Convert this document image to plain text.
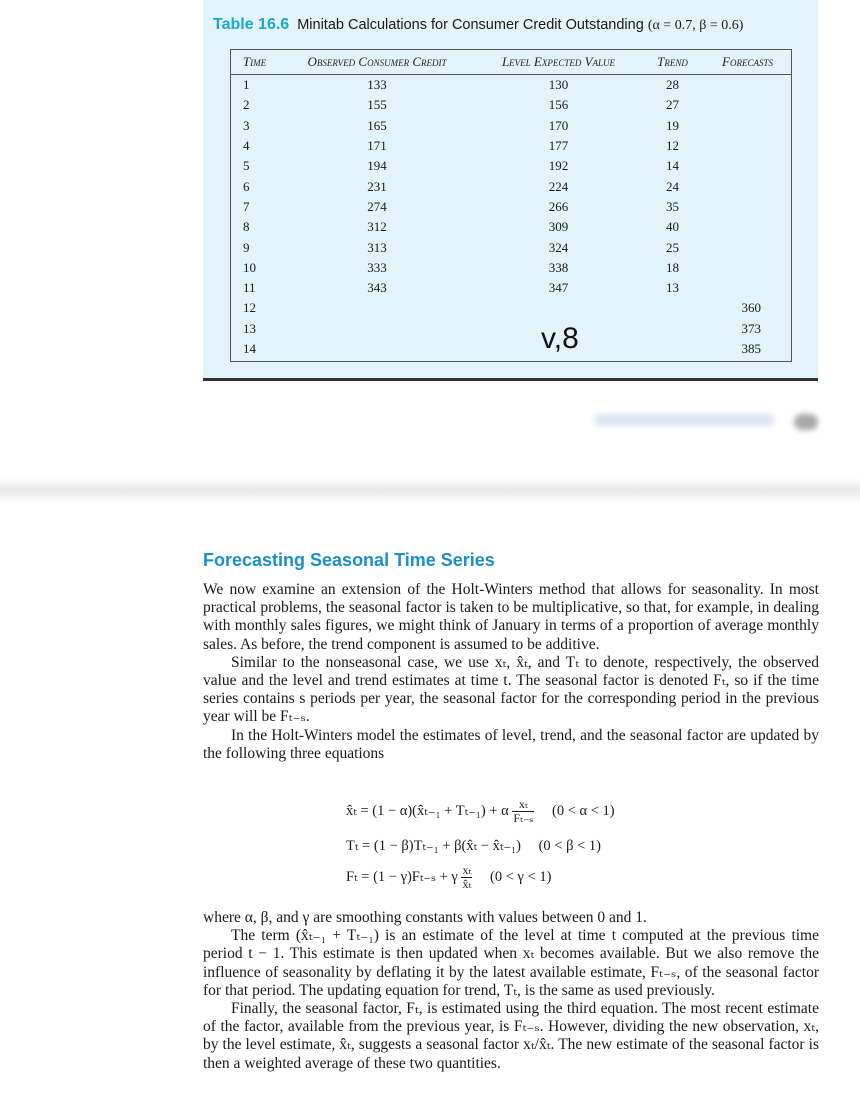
Table 16.6 Minitab Calculations for Consumer Credit Outstanding (α = 0.7, β = 0.6)
Time	Observed Consumer Credit	Level Expected Value	Trend	Forecasts
1	133	130	28	
2	155	156	27	
3	165	170	19	
4	171	177	12	
5	194	192	14	
6	231	224	24	
7	274	266	35	
8	312	309	40	
9	313	324	25	
10	333	338	18	
11	343	347	13	
12				360
13				373
14				385
v,8
Forecasting Seasonal Time Series

We now examine an extension of the Holt-Winters method that allows for seasonality. In most practical problems, the seasonal factor is taken to be multiplicative, so that, for example, in dealing with monthly sales figures, we might think of January in terms of a proportion of average monthly sales. As before, the trend component is assumed to be additive.

Similar to the nonseasonal case, we use xₜ, x̂ₜ, and Tₜ to denote, respectively, the observed value and the level and trend estimates at time t. The seasonal factor is denoted Fₜ, so if the time series contains s periods per year, the seasonal factor for the corresponding period in the previous year will be Fₜ₋ₛ.

In the Holt-Winters model the estimates of level, trend, and the seasonal factor are updated by the following three equations

x̂ₜ = (1 − α)(x̂ₜ₋₁ + Tₜ₋₁) + α $\frac{\text{xₜ}}{\text{Fₜ₋ₛ}} (0 < \alpha < 1)$
Tₜ = (1 − β)Tₜ₋₁ + β(x̂ₜ − x̂ₜ₋₁) (0 < β < 1)
Fₜ = (1 − γ)Fₜ₋ₛ + γ $\frac{\text{xₜ}}{\text{x̂ₜ}} (0 < \gamma < 1)$

where α, β, and γ are smoothing constants with values between 0 and 1.

The term (x̂ₜ₋₁ + Tₜ₋₁) is an estimate of the level at time t computed at the previous time period t − 1. This estimate is then updated when xₜ becomes available. But we also remove the influence of seasonality by deflating it by the latest available estimate, Fₜ₋ₛ, of the seasonal factor for that period. The updating equation for trend, Tₜ, is the same as used previously.

Finally, the seasonal factor, Fₜ, is estimated using the third equation. The most recent estimate of the factor, available from the previous year, is Fₜ₋ₛ. However, dividing the new observation, xₜ, by the level estimate, x̂ₜ, suggests a seasonal factor xₜ/x̂ₜ. The new estimate of the seasonal factor is then a weighted average of these two quantities.
